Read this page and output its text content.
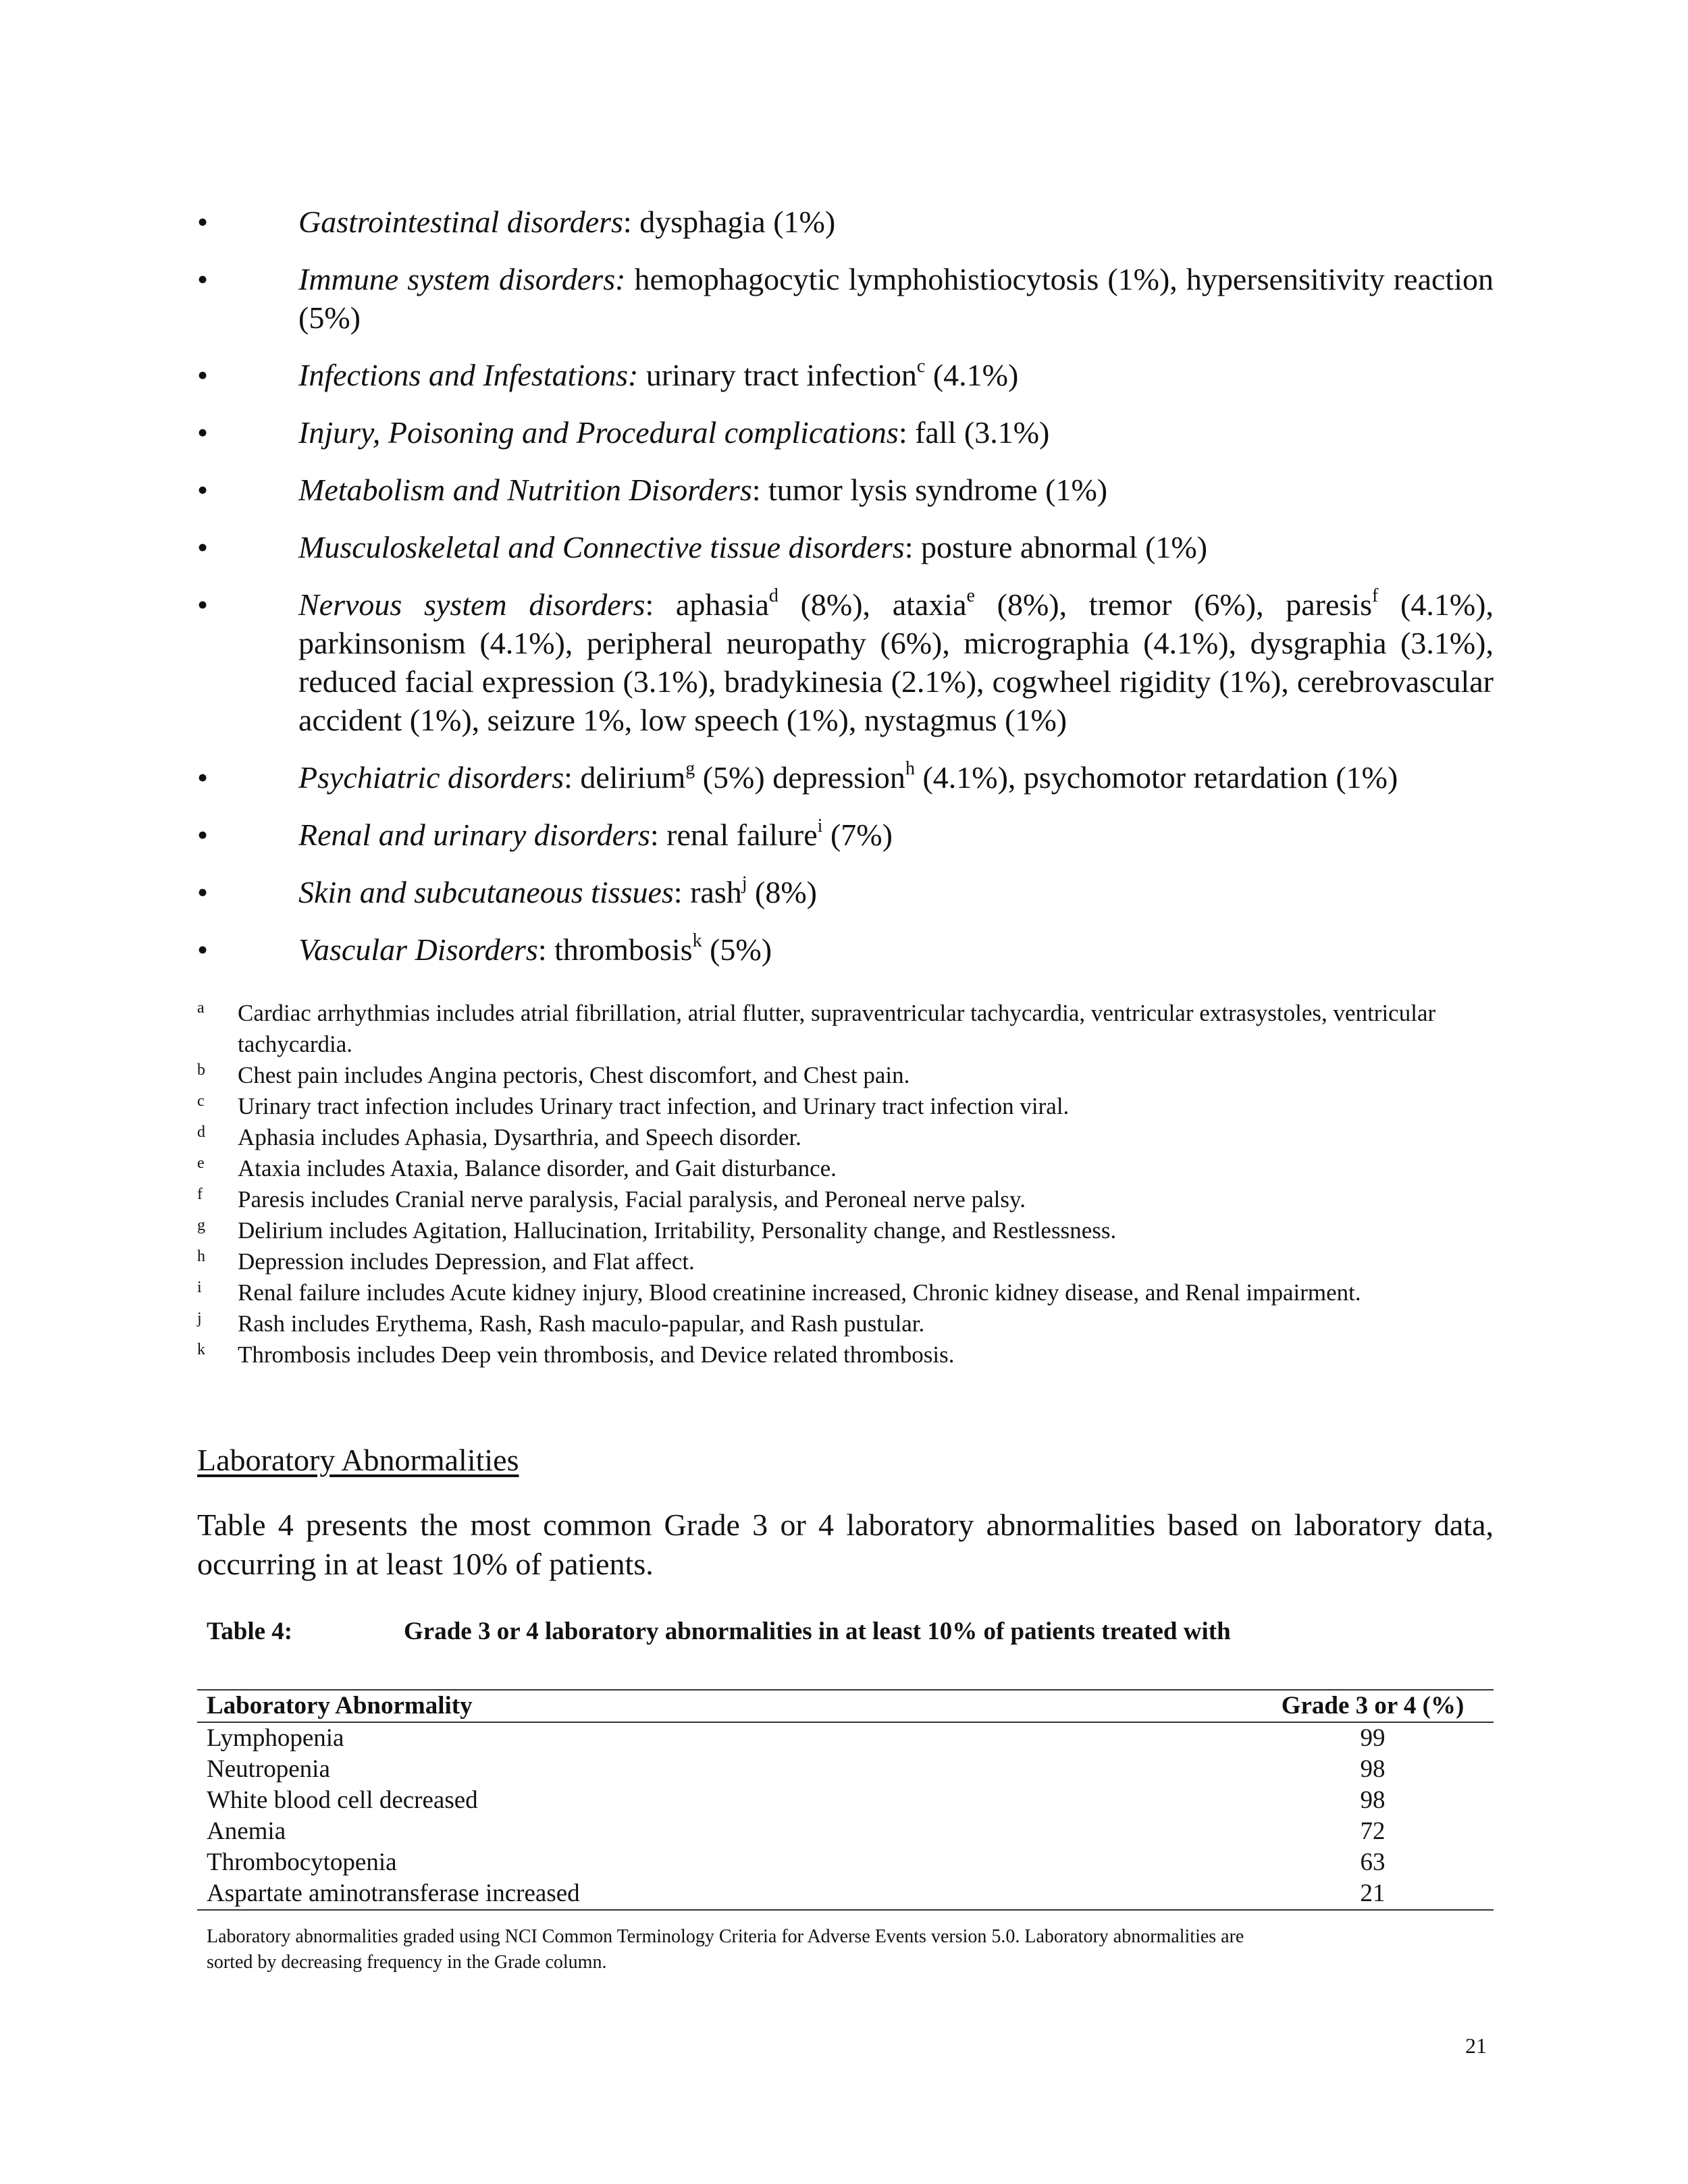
•	Gastrointestinal disorders: dysphagia (1%)
•	Immune system disorders: hemophagocytic lymphohistiocytosis (1%), hypersensitivity reaction (5%)
•	Infections and Infestations: urinary tract infection$^c$ (4.1%)
•	Injury, Poisoning and Procedural complications: fall (3.1%)
•	Metabolism and Nutrition Disorders: tumor lysis syndrome (1%)
•	Musculoskeletal and Connective tissue disorders: posture abnormal (1%)
•	Nervous system disorders: aphasia$^d$ (8%), ataxia$^e$ (8%), tremor (6%), paresis$^f$ (4.1%), parkinsonism (4.1%), peripheral neuropathy (6%), micrographia (4.1%), dysgraphia (3.1%), reduced facial expression (3.1%), bradykinesia (2.1%), cogwheel rigidity (1%), cerebrovascular accident (1%), seizure 1%, low speech (1%), nystagmus (1%)
•	Psychiatric disorders: delirium$^g$ (5%) depression$^h$ (4.1%), psychomotor retardation (1%)
•	Renal and urinary disorders: renal failure$^i$ (7%)
•	Skin and subcutaneous tissues: rash$^j$ (8%)
•	Vascular Disorders: thrombosis$^k$ (5%)
a Cardiac arrhythmias includes atrial fibrillation, atrial flutter, supraventricular tachycardia, ventricular extrasystoles, ventricular tachycardia.
b Chest pain includes Angina pectoris, Chest discomfort, and Chest pain.
c Urinary tract infection includes Urinary tract infection, and Urinary tract infection viral.
d Aphasia includes Aphasia, Dysarthria, and Speech disorder.
e Ataxia includes Ataxia, Balance disorder, and Gait disturbance.
f Paresis includes Cranial nerve paralysis, Facial paralysis, and Peroneal nerve palsy.
g Delirium includes Agitation, Hallucination, Irritability, Personality change, and Restlessness.
h Depression includes Depression, and Flat affect.
i Renal failure includes Acute kidney injury, Blood creatinine increased, Chronic kidney disease, and Renal impairment.
j Rash includes Erythema, Rash, Rash maculo-papular, and Rash pustular.
k Thrombosis includes Deep vein thrombosis, and Device related thrombosis.
Laboratory Abnormalities
Table 4 presents the most common Grade 3 or 4 laboratory abnormalities based on laboratory data, occurring in at least 10% of patients.
Table 4:	Grade 3 or 4 laboratory abnormalities in at least 10% of patients treated with
Laboratory Abnormality	Grade 3 or 4 (%)
Lymphopenia	99
Neutropenia	98
White blood cell decreased	98
Anemia	72
Thrombocytopenia	63
Aspartate aminotransferase increased	21
Laboratory abnormalities graded using NCI Common Terminology Criteria for Adverse Events version 5.0. Laboratory abnormalities are sorted by decreasing frequency in the Grade column.
21
